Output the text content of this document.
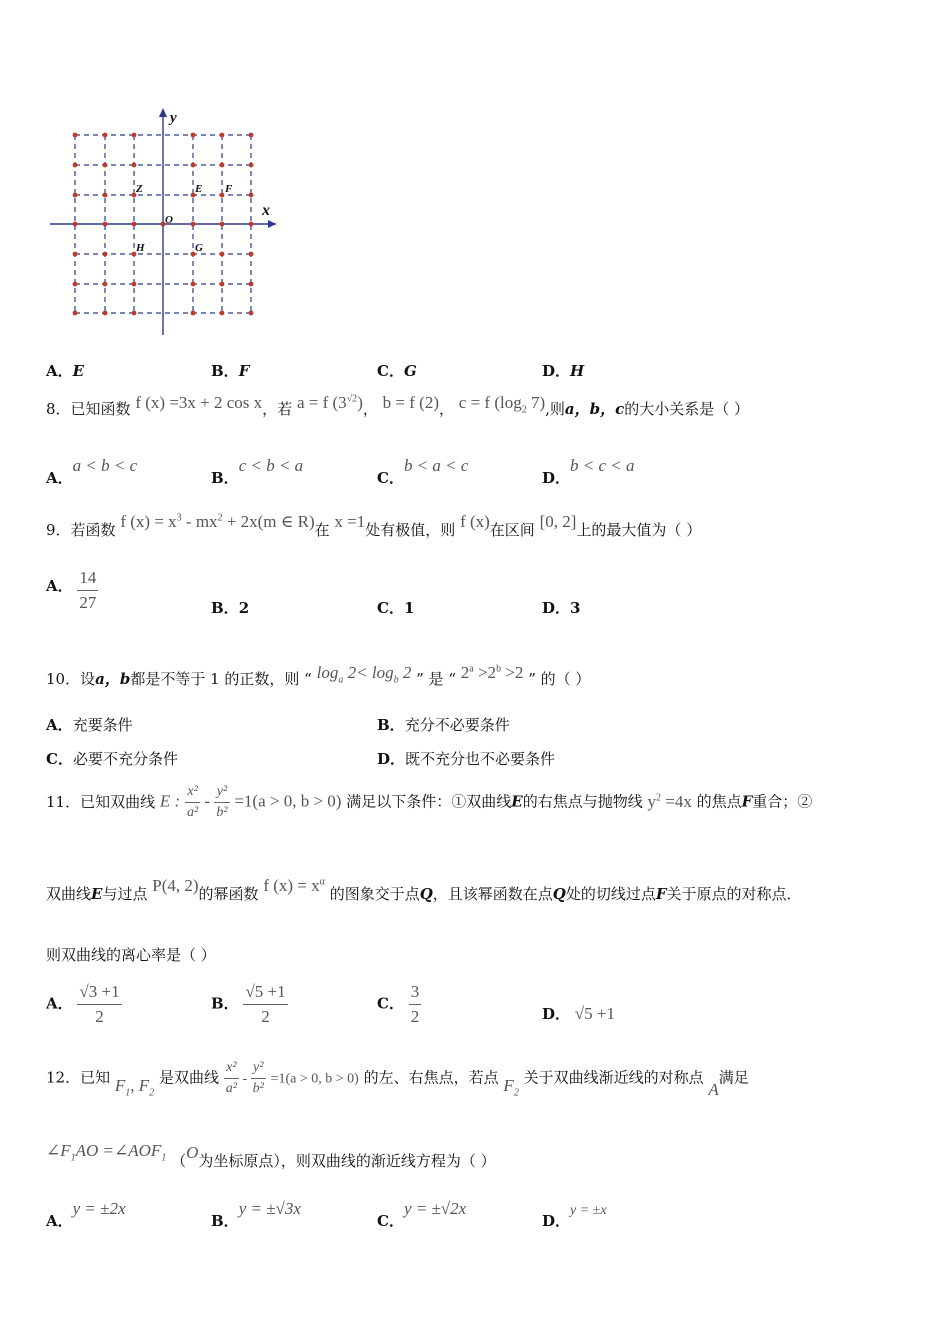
y
x
O
Z	E F
H	G
A．E	B．F	C．G	D．H
8．已知函数 f (x) =3x + 2 cos x，若 a = f $(3^{√2})$， b = f (2)， c = f ($\log_2$ 7),则a，b，c的大小关系是（ ）
A．a < b < c
B．c < b < a
C．b < a < c
D．b < c < a
9．若函数 f $(x) = x^3 - mx^2 + 2x(m$ ∈ R)在 x =1处有极值，则 f (x)在区间 [0, 2]上的最大值为（ ）
A． $\frac{14}{27}$	B．2	C．1	D．3
10．设a，b都是不等于 1 的正数，则 “ $\log_a 2< \log_b 2$ ” 是 “ $2^a >2^b >2$ ” 的（ ）
A．充要条件	B．充分不必要条件
C．必要不充分条件	D．既不充分也不必要条件
11．已知双曲线 E : $\frac{\text{x²}}{\text{a²}} - \frac{\text{y²}}{\text{b²}} =1(a > 0$, b > 0) 满足以下条件：①双曲线E的右焦点与抛物线 $y^2 =4x$ 的焦点F重合；②
双曲线E与过点 P(4, 2)的幂函数 f $(x) = x^\alpha$ 的图象交于点Q，且该幂函数在点Q处的切线过点F关于原点的对称点．
则双曲线的离心率是（ ）
A． $\frac{√3 +1}{2}$	B． $\frac{√5 +1}{2}$	C． $\frac{3}{2}$	D． √5 +1
12．已知 $F_1$, $F_2$ 是双曲线 $\frac{\text{x²}}{\text{a²}} - \frac{\text{y²}}{\text{b²}} =1(a > 0$, b > 0) 的左、右焦点，若点 $F_2$ 关于双曲线渐近线的对称点 A满足
$\angle F_1AO$ $=\angle AOF_1$ （O为坐标原点），则双曲线的渐近线方程为（ ）
A．y = ±2x
B．y = ±√3x
C．y = ±√2x
D．y = ±x
